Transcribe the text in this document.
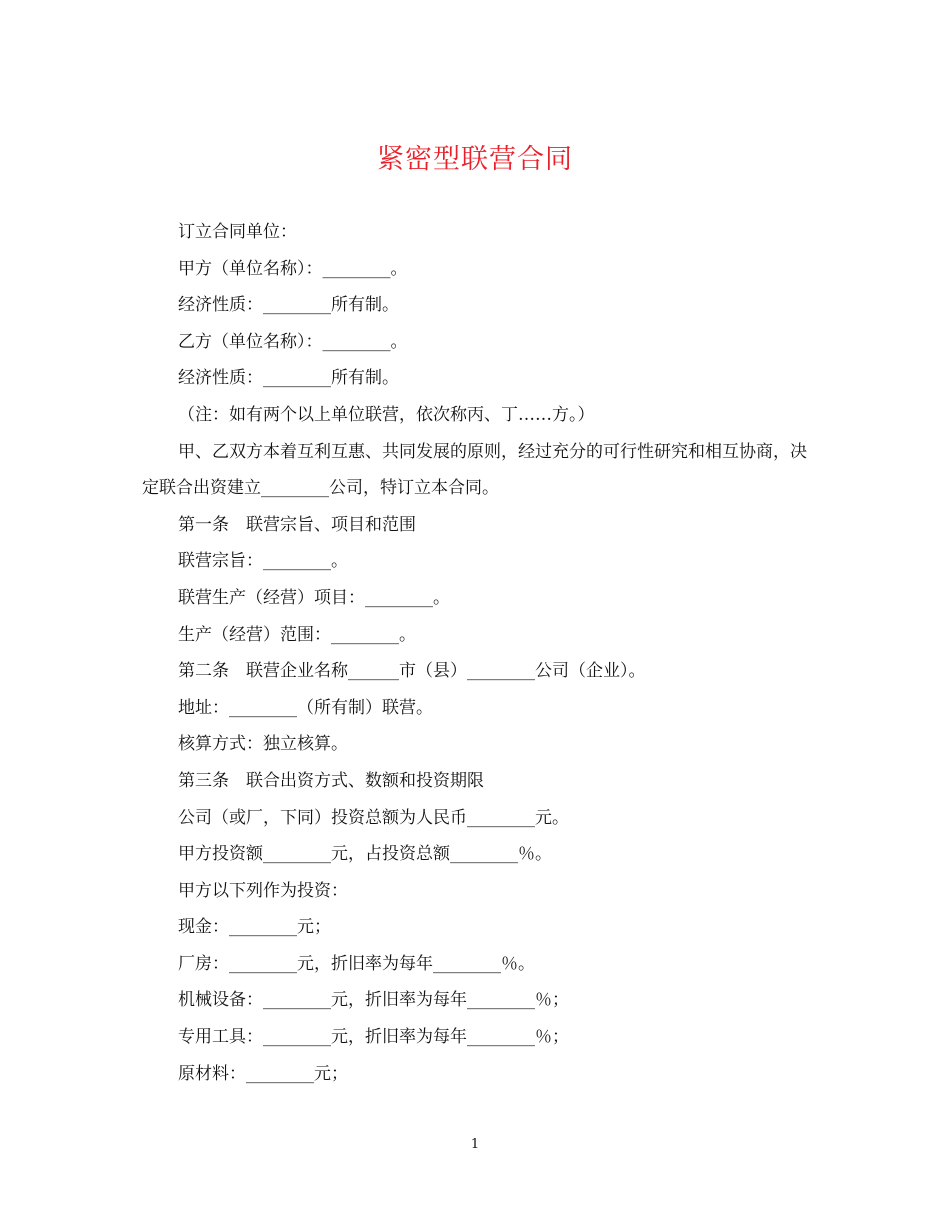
紧密型联营合同

订立合同单位：

甲方（单位名称）：________。

经济性质：________所有制。

乙方（单位名称）：________。

经济性质：________所有制。

（注：如有两个以上单位联营，依次称丙、丁……方。）

甲、乙双方本着互利互惠、共同发展的原则，经过充分的可行性研究和相互协商，决定联合出资建立________公司，特订立本合同。

第一条　联营宗旨、项目和范围

联营宗旨：________。

联营生产（经营）项目：________。

生产（经营）范围：________。

第二条　联营企业名称______市（县）________公司（企业）。

地址：________（所有制）联营。

核算方式：独立核算。

第三条　联合出资方式、数额和投资期限

公司（或厂，下同）投资总额为人民币________元。

甲方投资额________元，占投资总额________％。

甲方以下列作为投资：

现金：________元；

厂房：________元，折旧率为每年________％。

机械设备：________元，折旧率为每年________％；

专用工具：________元，折旧率为每年________％；

原材料：________元；

1
